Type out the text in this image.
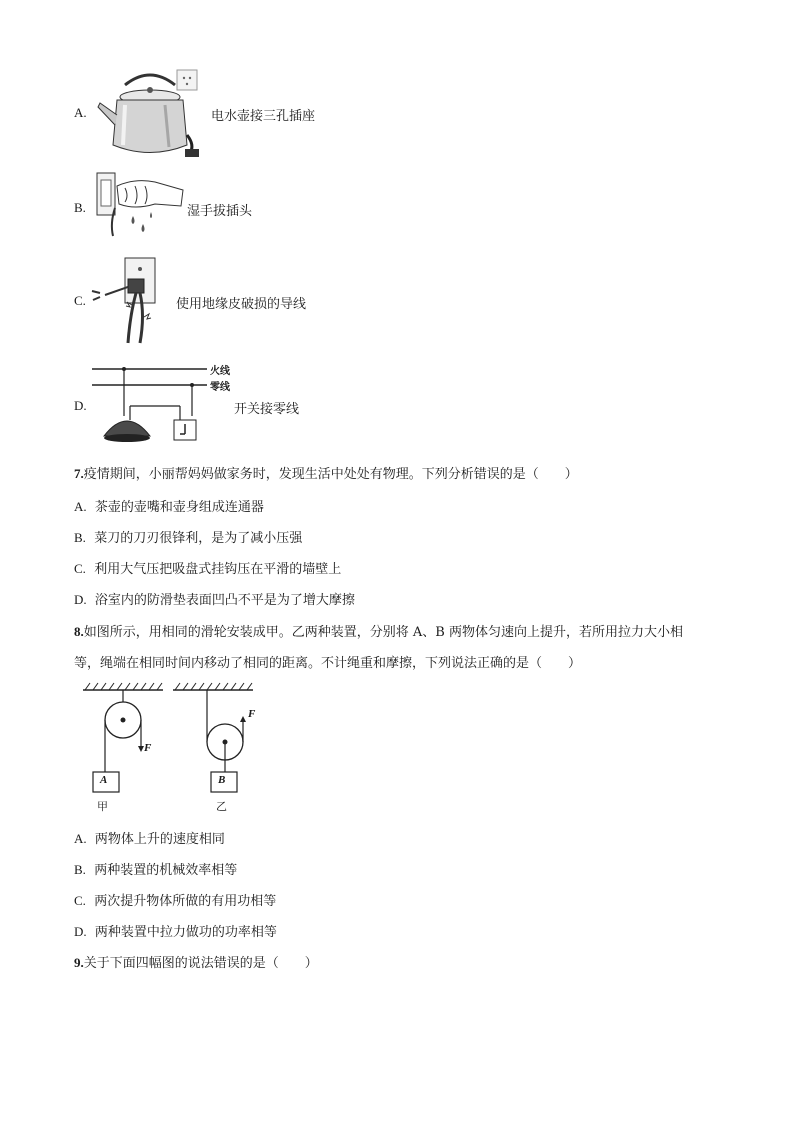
A.	电水壶接三孔插座
B.	湿手拔插头
C.	使用地缘皮破损的导线
D.
火线
零线
开关接零线
7.疫情期间，小丽帮妈妈做家务时，发现生活中处处有物理。下列分析错误的是（　　）
A. 茶壶的壶嘴和壶身组成连通器
B. 菜刀的刀刃很锋利，是为了减小压强
C. 利用大气压把吸盘式挂钩压在平滑的墙壁上
D. 浴室内的防滑垫表面凹凸不平是为了增大摩擦
8.如图所示，用相同的滑轮安装成甲。乙两种装置，分别将 A、B 两物体匀速向上提升，若所用拉力大小相
等，绳端在相同时间内移动了相同的距离。不计绳重和摩擦，下列说法正确的是（　　）
A
F
甲
B
F
乙
A. 两物体上升的速度相同
B. 两种装置的机械效率相等
C. 两次提升物体所做的有用功相等
D. 两种装置中拉力做功的功率相等
9.关于下面四幅图的说法错误的是（　　）
